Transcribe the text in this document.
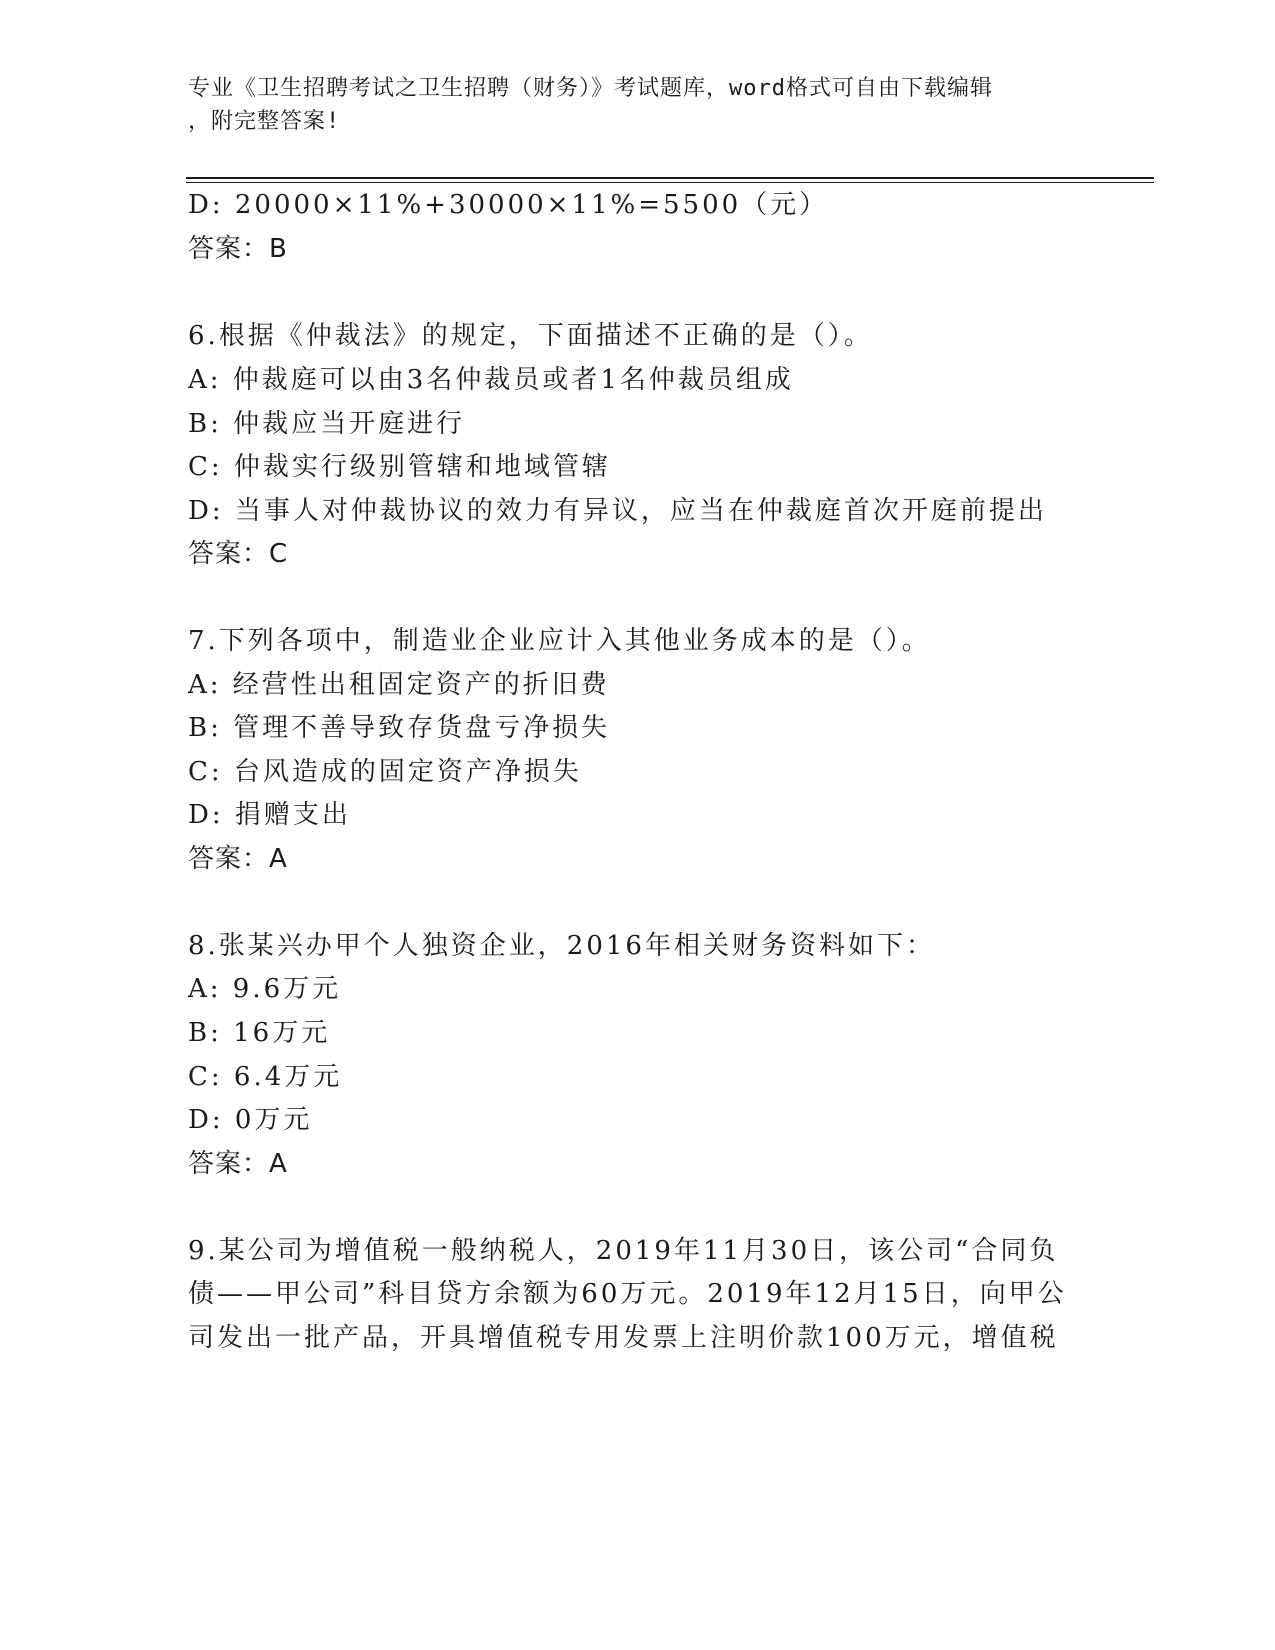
专业《卫生招聘考试之卫生招聘（财务）》考试题库，word格式可自由下载编辑
，附完整答案!
D: 20000×11%+30000×11%=5500（元）
答案：B
6.根据《仲裁法》的规定，下面描述不正确的是（）。
A: 仲裁庭可以由3名仲裁员或者1名仲裁员组成
B: 仲裁应当开庭进行
C: 仲裁实行级别管辖和地域管辖
D: 当事人对仲裁协议的效力有异议，应当在仲裁庭首次开庭前提出
答案：C
7.下列各项中，制造业企业应计入其他业务成本的是（）。
A: 经营性出租固定资产的折旧费
B: 管理不善导致存货盘亏净损失
C: 台风造成的固定资产净损失
D: 捐赠支出
答案：A
8.张某兴办甲个人独资企业，2016年相关财务资料如下：
A: 9.6万元
B: 16万元
C: 6.4万元
D: 0万元
答案：A
9.某公司为增值税一般纳税人，2019年11月30日，该公司“合同负
债——甲公司”科目贷方余额为60万元。2019年12月15日，向甲公
司发出一批产品，开具增值税专用发票上注明价款100万元，增值税
